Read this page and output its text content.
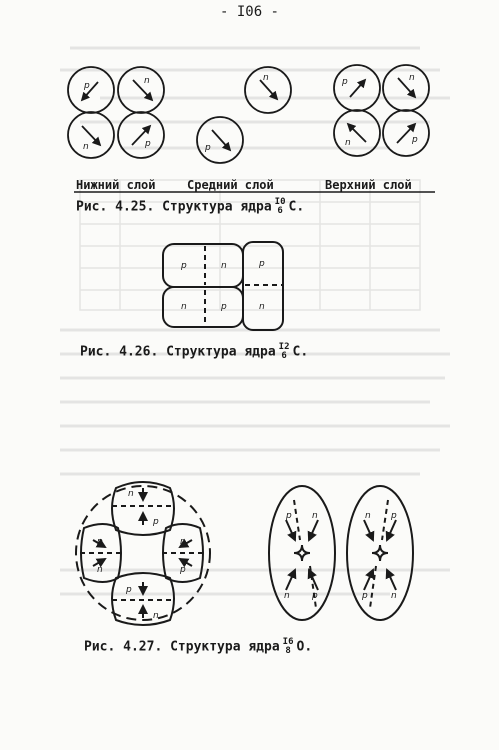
- I06 -
p	n
n	p
n
p
p	n
n	p
p	n
n	p
p
n
n
p
p
n
p
n
n
p
p n
n p
n p
p	n
Нижний слой	Средний слой	Верхний слой
Рис. 4.25. Структура ядра I0
6 C.
Рис. 4.26. Структура ядра I2
6 C.
Рис. 4.27. Структура ядра I6
8 O.
